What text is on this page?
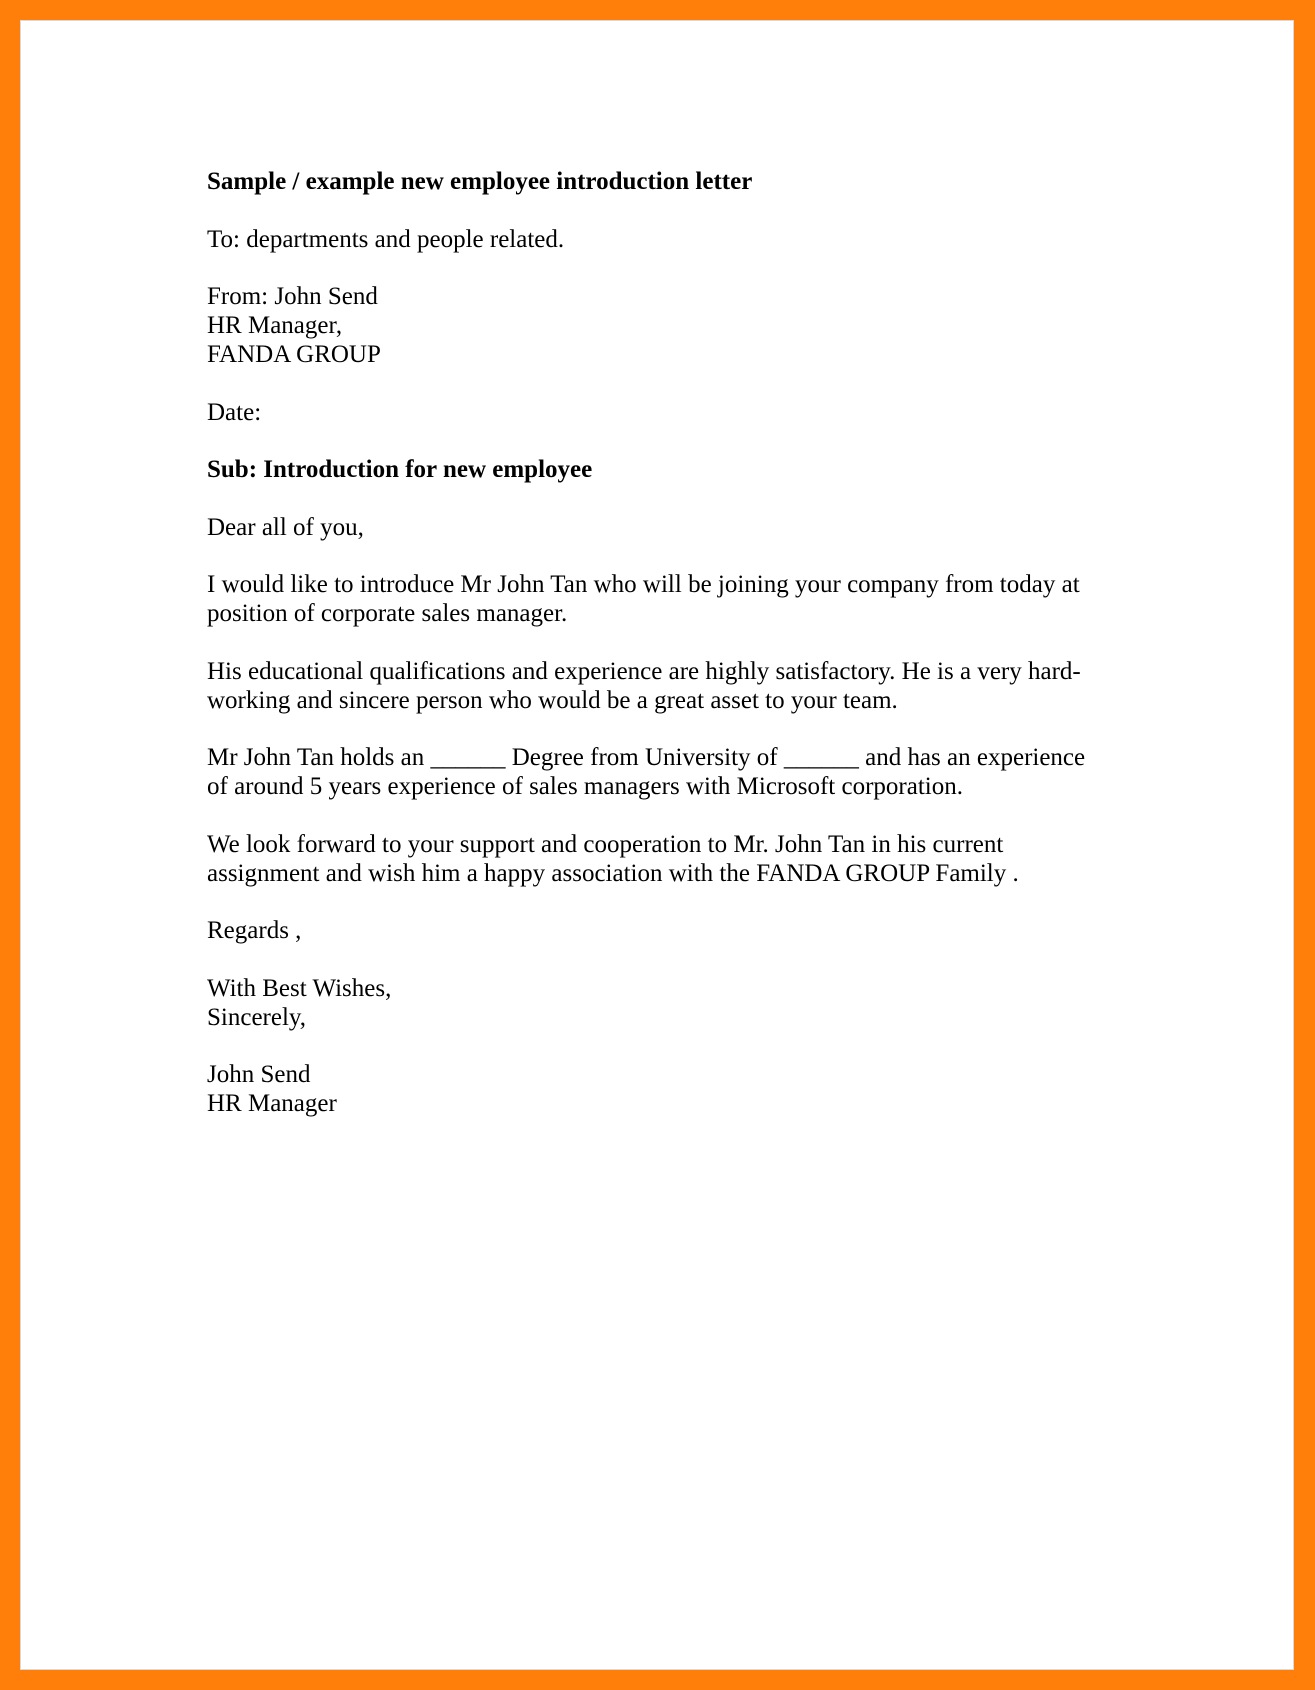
Sample / example new employee introduction letter

To: departments and people related.

From: John Send
HR Manager,
FANDA GROUP

Date:

Sub: Introduction for new employee

Dear all of you,

I would like to introduce Mr John Tan who will be joining your company from today at
position of corporate sales manager.

His educational qualifications and experience are highly satisfactory. He is a very hard-
working and sincere person who would be a great asset to your team.

Mr John Tan holds an ______ Degree from University of ______ and has an experience
of around 5 years experience of sales managers with Microsoft corporation.

We look forward to your support and cooperation to Mr. John Tan in his current
assignment and wish him a happy association with the FANDA GROUP Family .

Regards ,

With Best Wishes,
Sincerely,

John Send
HR Manager
